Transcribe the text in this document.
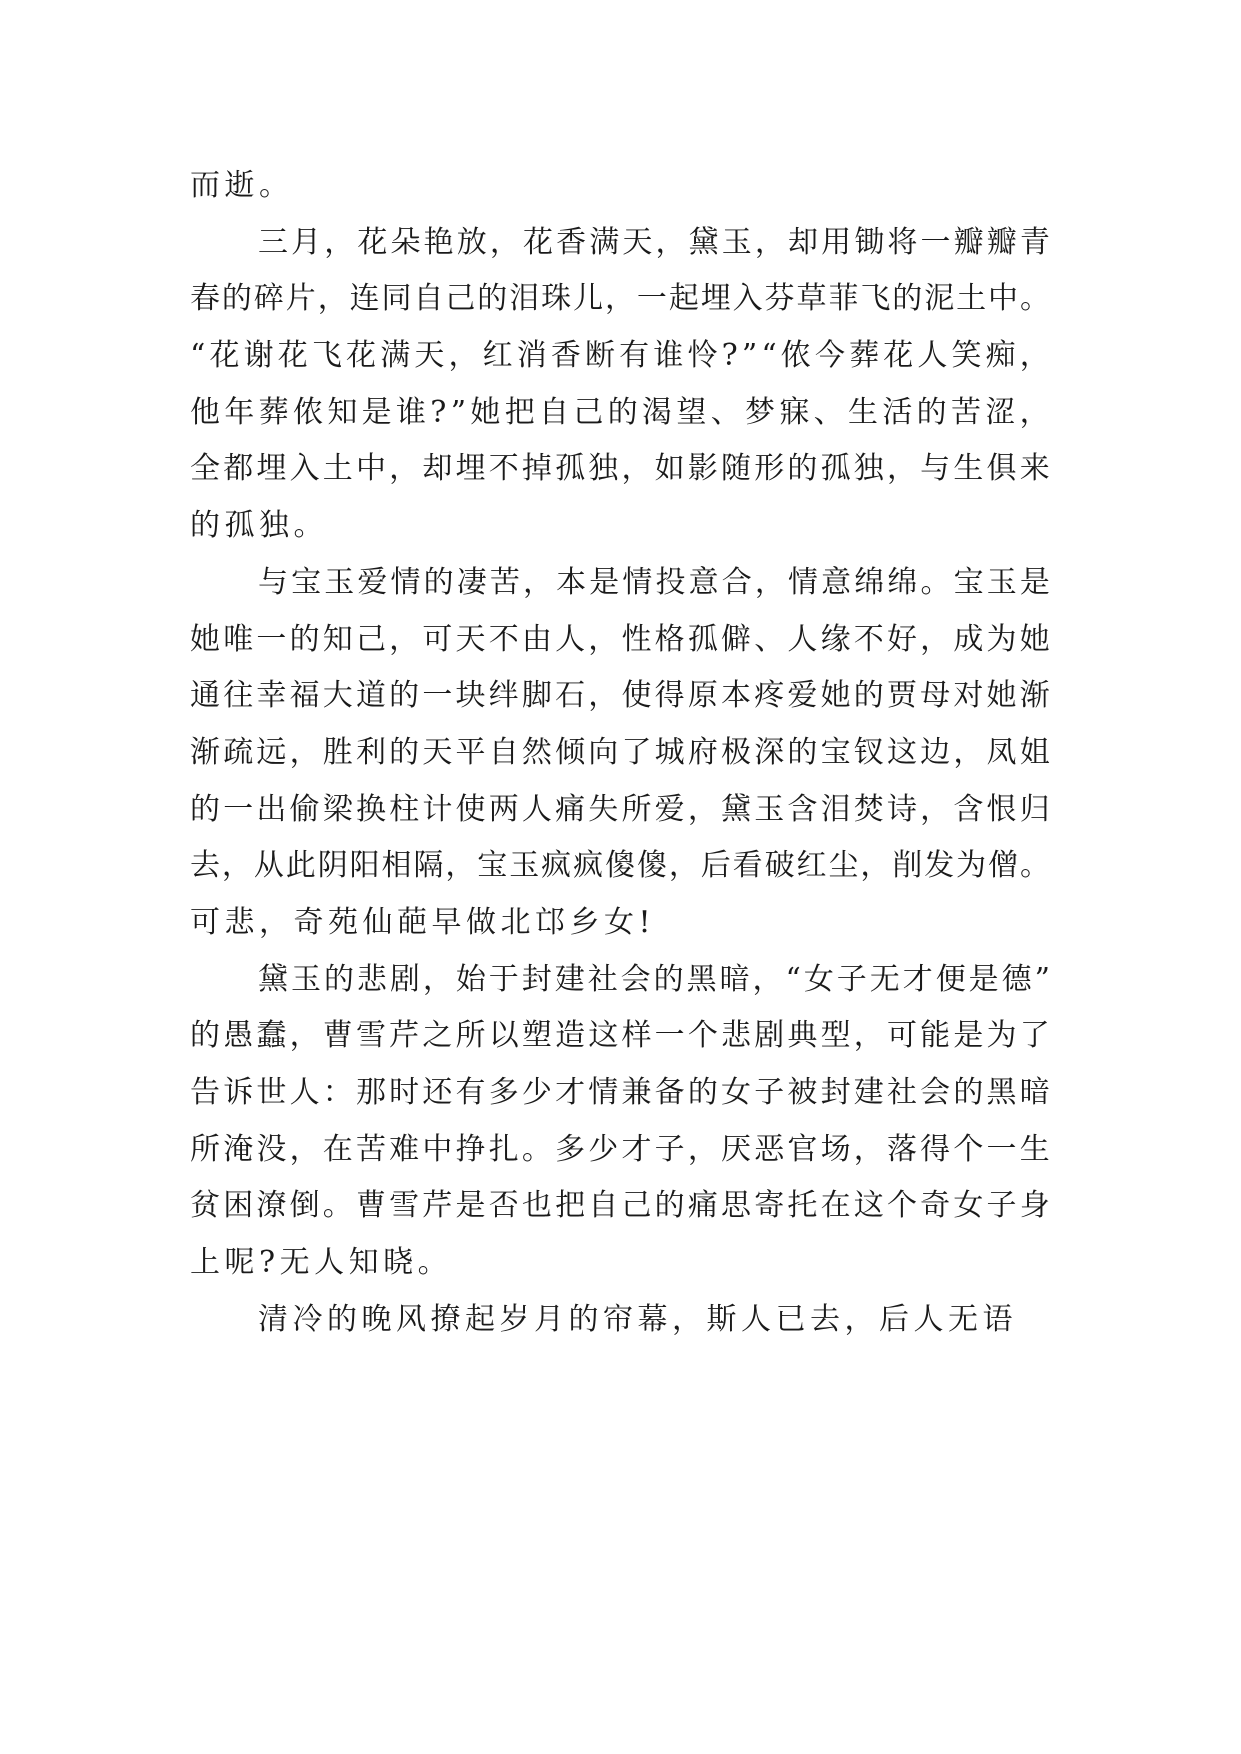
而逝。
三 月 ， 花 朵 艳 放 ， 花 香 满 天 ， 黛 玉 ， 却 用 锄 将 一 瓣 瓣 青
春 的 碎 片 ， 连 同 自 己 的 泪 珠 儿 ， 一 起 埋 入 芬 草 菲 飞 的 泥 土 中 。
“ 花 谢 花 飞 花 满 天 ， 红 消 香 断 有 谁 怜 ? ” “ 侬 今 葬 花 人 笑 痴 ，
他 年 葬 侬 知 是 谁 ? ” 她 把 自 己 的 渴 望 、 梦 寐 、 生 活 的 苦 涩 ，
全 都 埋 入 土 中 ， 却 埋 不 掉 孤 独 ， 如 影 随 形 的 孤 独 ， 与 生 俱 来
的孤独。
与 宝 玉 爱 情 的 凄 苦 ， 本 是 情 投 意 合 ， 情 意 绵 绵 。 宝 玉 是
她 唯 一 的 知 己 ， 可 天 不 由 人 ， 性 格 孤 僻 、 人 缘 不 好 ， 成 为 她
通 往 幸 福 大 道 的 一 块 绊 脚 石 ， 使 得 原 本 疼 爱 她 的 贾 母 对 她 渐
渐 疏 远 ， 胜 利 的 天 平 自 然 倾 向 了 城 府 极 深 的 宝 钗 这 边 ， 凤 姐
的 一 出 偷 梁 换 柱 计 使 两 人 痛 失 所 爱 ， 黛 玉 含 泪 焚 诗 ， 含 恨 归
去 ， 从 此 阴 阳 相 隔 ， 宝 玉 疯 疯 傻 傻 ， 后 看 破 红 尘 ， 削 发 为 僧 。
可悲，奇苑仙葩早做北邙乡女!
黛 玉 的 悲 剧 ， 始 于 封 建 社 会 的 黑 暗 ， “ 女 子 无 才 便 是 德 ”
的 愚 蠢 ， 曹 雪 芹 之 所 以 塑 造 这 样 一 个 悲 剧 典 型 ， 可 能 是 为 了
告 诉 世 人 ： 那 时 还 有 多 少 才 情 兼 备 的 女 子 被 封 建 社 会 的 黑 暗
所 淹 没 ， 在 苦 难 中 挣 扎 。 多 少 才 子 ， 厌 恶 官 场 ， 落 得 个 一 生
贫 困 潦 倒 。 曹 雪 芹 是 否 也 把 自 己 的 痛 思 寄 托 在 这 个 奇 女 子 身
上呢?无人知晓。
清冷的晚风撩起岁月的帘幕，斯人已去，后人无语
